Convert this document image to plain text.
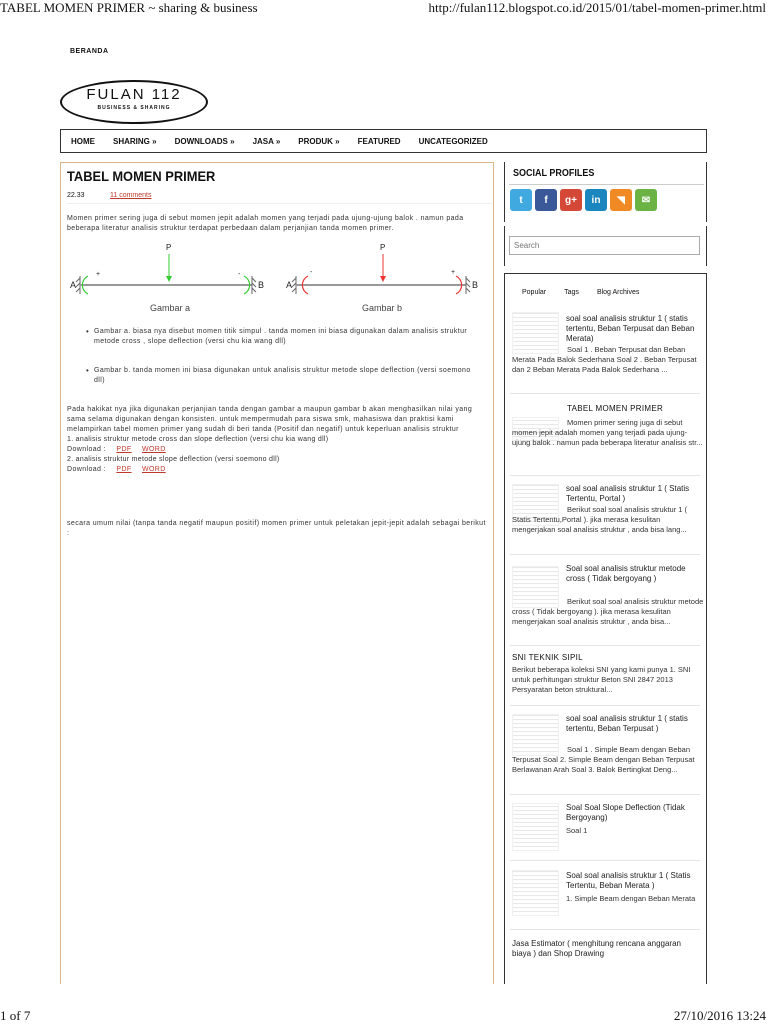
TABEL MOMEN PRIMER ~ sharing & business	http://fulan112.blogspot.co.id/2015/01/tabel-momen-primer.html
1 of 7	27/10/2016 13:24
BERANDA
FULAN 112
BUSINESS & SHARING
HOME SHARING » DOWNLOADS » JASA » PRODUK » FEATURED UNCATEGORIZED
TABEL MOMEN PRIMER
22.33	11 comments
Momen primer sering juga di sebut momen jepit adalah momen yang terjadi pada ujung-ujung balok . namun pada beberapa literatur analisis struktur terdapat perbedaan dalam perjanjian tanda momen primer.
A	B
+	-
P
Gambar a
A	B
-	+
P
Gambar b
• Gambar a. biasa nya disebut momen titik simpul . tanda momen ini biasa digunakan dalam analisis struktur metode cross , slope deflection (versi chu kia wang dll)
• Gambar b. tanda momen ini biasa digunakan untuk analisis struktur metode slope deflection (versi soemono dll)
Pada hakikat nya jika digunakan perjanjian tanda dengan gambar a maupun gambar b akan menghasilkan nilai yang sama selama digunakan dengan konsisten. untuk mempermudah para siswa smk, mahasiswa dan praktisi kami melampirkan tabel momen primer yang sudah di beri tanda (Positif dan negatif) untuk keperluan analisis struktur
1. analisis struktur metode cross dan slope deflection (versi chu kia wang dll)
Download : PDF WORD
2. analisis struktur metode slope deflection (versi soemono dll)
Download : PDF WORD
secara umum nilai (tanpa tanda negatif maupun positif) momen primer untuk peletakan jepit-jepit adalah sebagai berikut :
SOCIAL PROFILES
t	f	g+	in	◥	✉
Search
Popular	Tags	Blog Archives
soal soal analisis struktur 1 ( statis tertentu, Beban Terpusat dan Beban Merata)
Soal 1 . Beban Terpusat dan Beban Merata Pada Balok Sederhana Soal 2 . Beban Terpusat dan 2 Beban Merata Pada Balok Sederhana ...
TABEL MOMEN PRIMER
Momen primer sering juga di sebut momen jepit adalah momen yang terjadi pada ujung-ujung balok . namun pada beberapa literatur analisis str...
soal soal analisis struktur 1 ( Statis Tertentu, Portal )
Berikut soal soal analisis struktur 1 ( Statis Tertentu,Portal ). jika merasa kesulitan mengerjakan soal analisis struktur , anda bisa lang...
Soal soal analisis struktur metode cross ( Tidak bergoyang )
Berikut soal soal analisis struktur metode cross ( Tidak bergoyang ). jika merasa kesulitan mengerjakan soal analisis struktur , anda bisa...
SNI TEKNIK SIPIL
Berikut beberapa koleksi SNI yang kami punya 1. SNI untuk perhitungan struktur Beton SNI 2847 2013 Persyaratan beton struktural...
soal soal analisis struktur 1 ( statis tertentu, Beban Terpusat )
Soal 1 . Simple Beam dengan Beban Terpusat Soal 2. Simple Beam dengan Beban Terpusat Berlawanan Arah Soal 3. Balok Bertingkat Deng...
Soal Soal Slope Deflection (Tidak Bergoyang)
Soal 1
Soal soal analisis struktur 1 ( Statis Tertentu, Beban Merata )
1. Simple Beam dengan Beban Merata
Jasa Estimator ( menghitung rencana anggaran biaya ) dan Shop Drawing
